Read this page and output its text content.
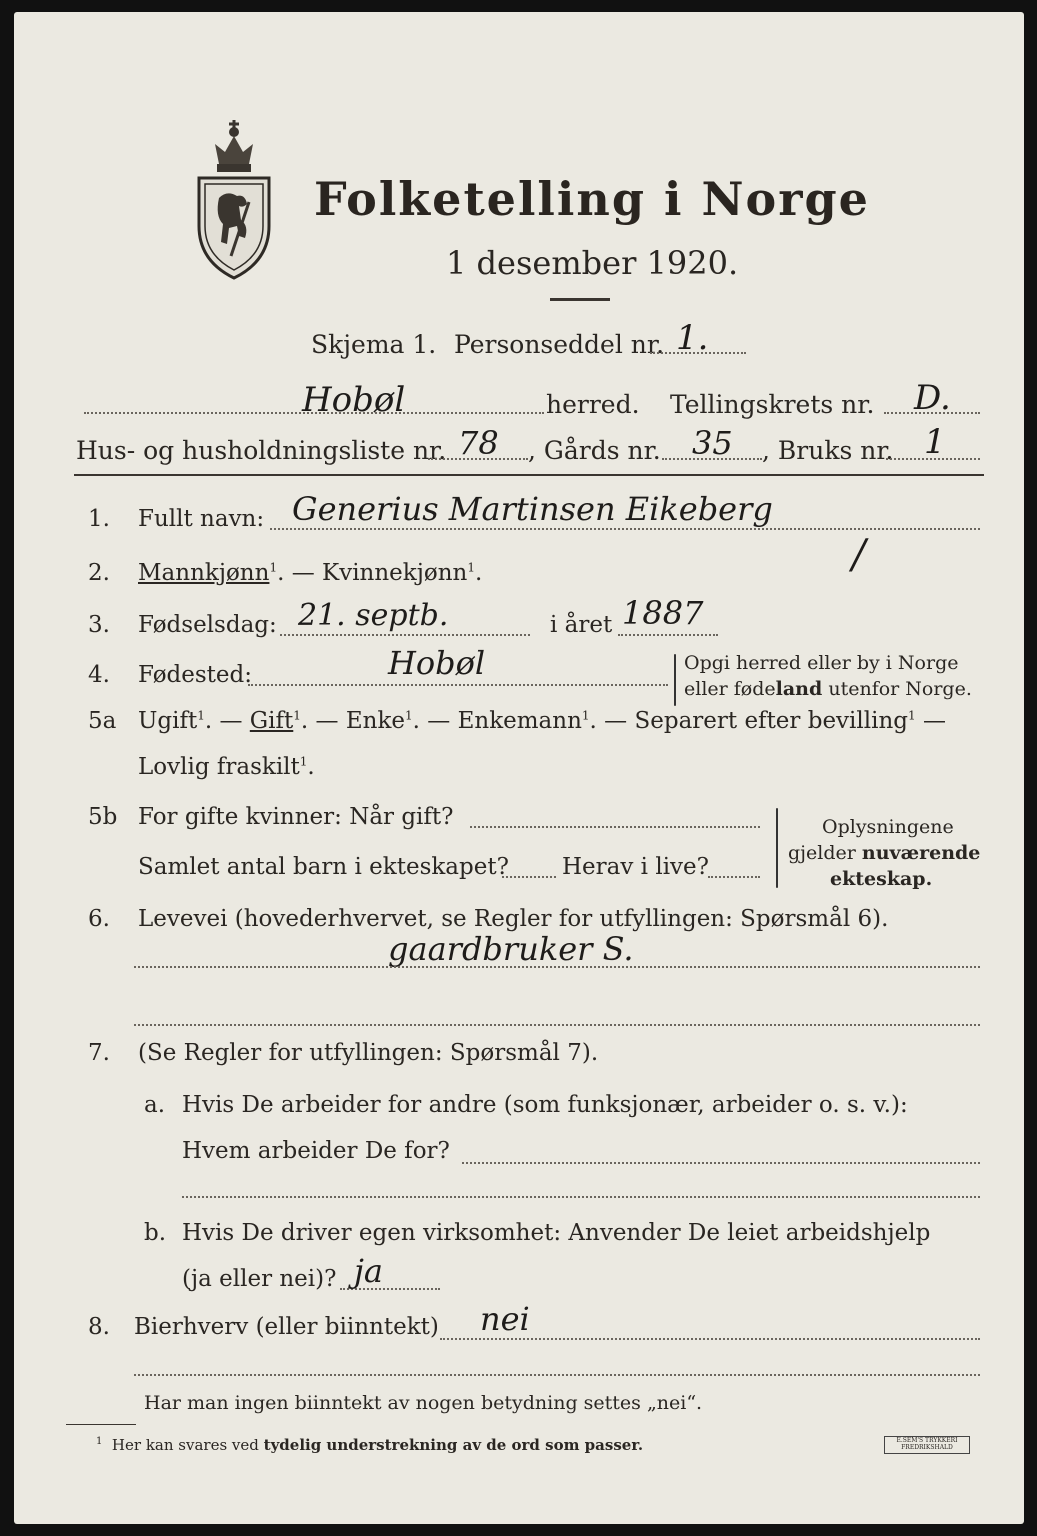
Folketelling i Norge
1 desember 1920.
Skjema 1. Personseddel nr. 1.
Hobøl	herred. Tellingskrets nr. D.
Hus- og husholdningsliste nr. 78 , Gårds nr. 35 , Bruks nr. 1
1. Fullt navn: Generius Martinsen Eikeberg
/
2. Mannkjønn$^1$. — Kvinnekjønn$^1$.
3. Fødselsdag: 21. septb.	i året 1887
4. Fødested:	Hobøl	Opgi herred eller by i Norge
eller fødeland utenfor Norge.
5a Ugift$^1$. — Gift$^1$. — Enke$^1$. — Enkemann$^1$. — Separert efter bevilling$^1$ —
Lovlig fraskilt$^1$.
5b For gifte kvinner: Når gift?
Samlet antal barn i ekteskapet? Herav i live?
Oplysningene
gjelder nuværende
ekteskap.
6. Levevei (hovederhvervet, se Regler for utfyllingen: Spørsmål 6).
gaardbruker S.
7. (Se Regler for utfyllingen: Spørsmål 7).
a. Hvis De arbeider for andre (som funksjonær, arbeider o. s. v.):
Hvem arbeider De for?
b. Hvis De driver egen virksomhet: Anvender De leiet arbeidshjelp
(ja eller nei)? ja
8. Bierhverv (eller biinntekt) nei
Har man ingen biinntekt av nogen betydning settes „nei“.
$^1$ Her kan svares ved tydelig understrekning av de ord som passer.	E.SEM'S TRYKKERI FREDRIKSHALD
